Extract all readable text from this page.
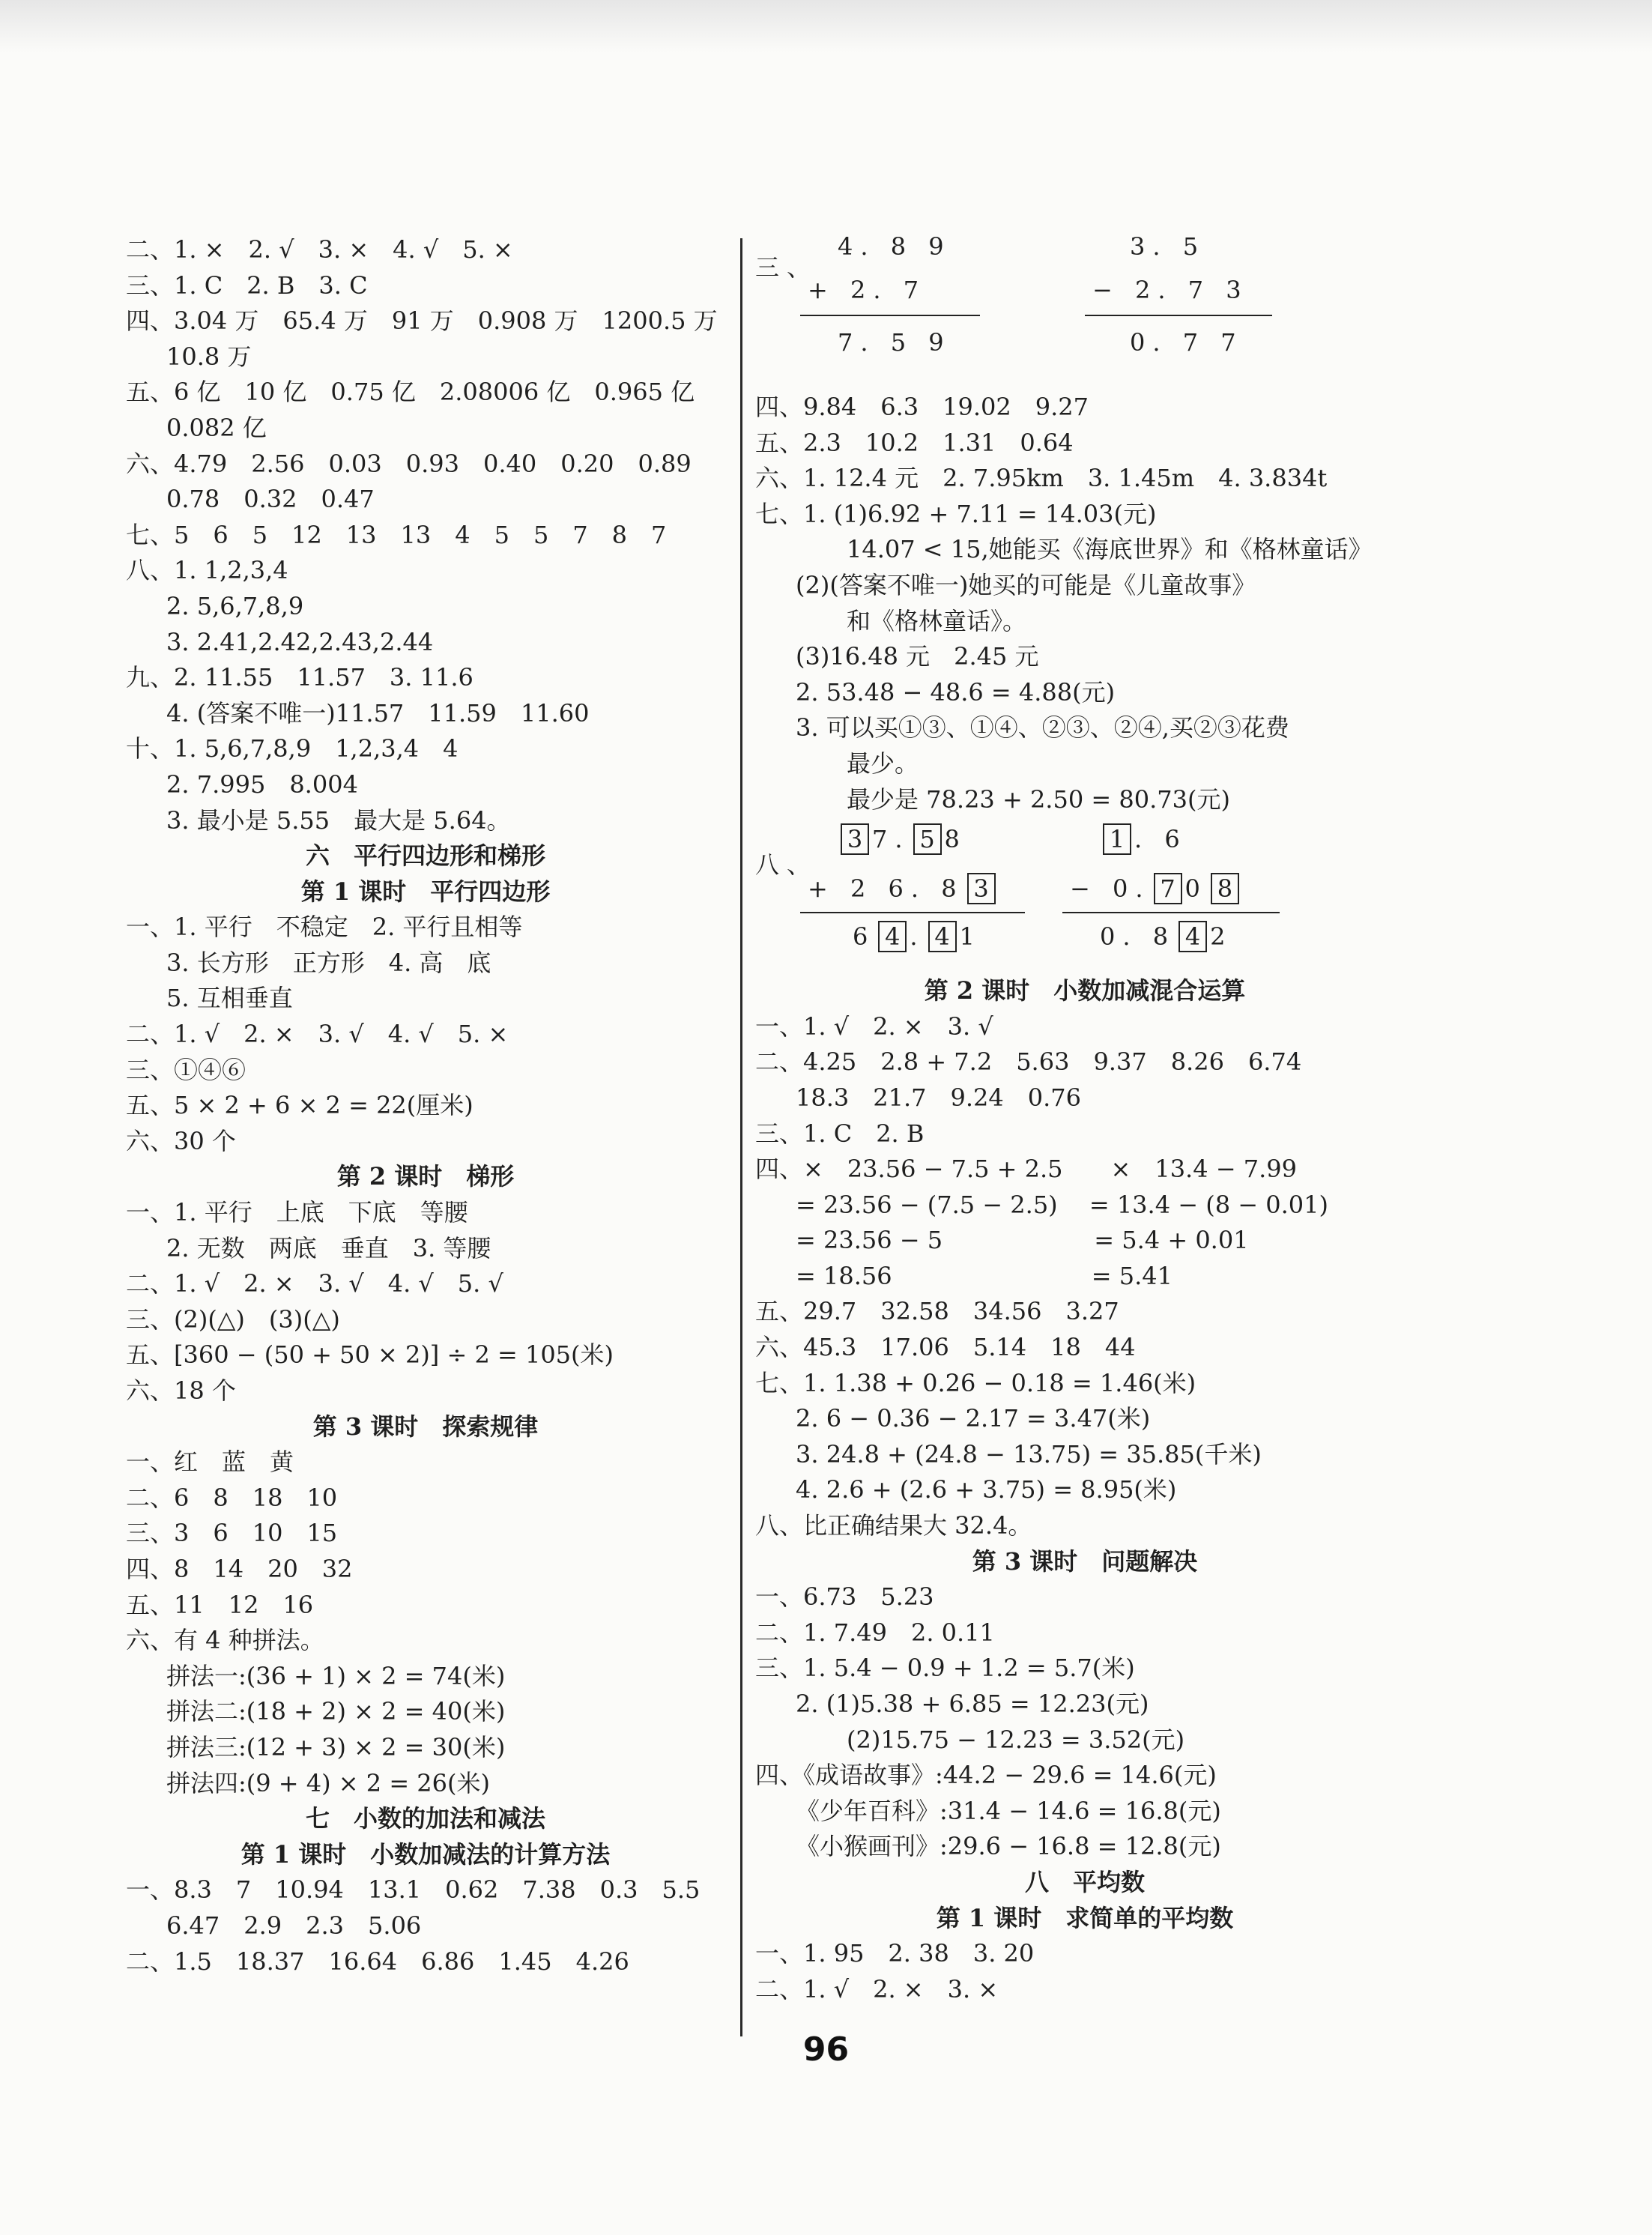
二、1. ×　2. √　3. ×　4. √　5. ×
三、1. C　2. B　3. C
四、3.04 万　65.4 万　91 万　0.908 万　1200.5 万
10.8 万
五、6 亿　10 亿　0.75 亿　2.08006 亿　0.965 亿
0.082 亿
六、4.79　2.56　0.03　0.93　0.40　0.20　0.89
0.78　0.32　0.47
七、5　6　5　12　13　13　4　5　5　7　8　7
八、1. 1,2,3,4
2. 5,6,7,8,9
3. 2.41,2.42,2.43,2.44
九、2. 11.55　11.57　3. 11.6
4. (答案不唯一)11.57　11.59　11.60
十、1. 5,6,7,8,9　1,2,3,4　4
2. 7.995　8.004
3. 最小是 5.55　最大是 5.64。
六　平行四边形和梯形
第 1 课时　平行四边形
一、1. 平行　不稳定　2. 平行且相等
3. 长方形　正方形　4. 高　底
5. 互相垂直
二、1. √　2. ×　3. √　4. √　5. ×
三、①④⑥
五、5 × 2 + 6 × 2 = 22(厘米)
六、30 个
第 2 课时　梯形
一、1. 平行　上底　下底　等腰
2. 无数　两底　垂直　3. 等腰
二、1. √　2. ×　3. √　4. √　5. √
三、(2)(△)　(3)(△)
五、[360 − (50 + 50 × 2)] ÷ 2 = 105(米)
六、18 个
第 3 课时　探索规律
一、红　蓝　黄
二、6　8　18　10
三、3　6　10　15
四、8　14　20　32
五、11　12　16
六、有 4 种拼法。
拼法一:(36 + 1) × 2 = 74(米)
拼法二:(18 + 2) × 2 = 40(米)
拼法三:(12 + 3) × 2 = 30(米)
拼法四:(9 + 4) × 2 = 26(米)
七　小数的加法和减法
第 1 课时　小数加减法的计算方法
一、8.3　7　10.94　13.1　0.62　7.38　0.3　5.5
6.47　2.9　2.3　5.06
二、1.5　18.37　16.64　6.86　1.45　4.26
三、
4. 8 9
+ 2. 7
7. 5 9
3. 5
− 2. 7 3
0. 7 7
四、9.84　6.3　19.02　9.27
五、2.3　10.2　1.31　0.64
六、1. 12.4 元　2. 7.95km　3. 1.45m　4. 3.834t
七、1. (1)6.92 + 7.11 = 14.03(元)
14.07 < 15,她能买《海底世界》和《格林童话》
(2)(答案不唯一)她买的可能是《儿童故事》
和《格林童话》。
(3)16.48 元　2.45 元
2. 53.48 − 48.6 = 4.88(元)
3. 可以买①③、①④、②③、②④,买②③花费
最少。
最少是 78.23 + 2.50 = 80.73(元)
八、
3 7. 5 8
+ 2 6. 8 3
6 4 . 4 1
1 . 6
− 0. 7 0 8
0. 8 4 2
第 2 课时　小数加减混合运算
一、1. √　2. ×　3. √
二、4.25　2.8 + 7.2　5.63　9.37　8.26　6.74
18.3　21.7　9.24　0.76
三、1. C　2. B
四、×　23.56 − 7.5 + 2.5　　×　13.4 − 7.99
= 23.56 − (7.5 − 2.5)　 = 13.4 − (8 − 0.01)
= 23.56 − 5　　　　　　 = 5.4 + 0.01
= 18.56　　　　　　　　 = 5.41
五、29.7　32.58　34.56　3.27
六、45.3　17.06　5.14　18　44
七、1. 1.38 + 0.26 − 0.18 = 1.46(米)
2. 6 − 0.36 − 2.17 = 3.47(米)
3. 24.8 + (24.8 − 13.75) = 35.85(千米)
4. 2.6 + (2.6 + 3.75) = 8.95(米)
八、比正确结果大 32.4。
第 3 课时　问题解决
一、6.73　5.23
二、1. 7.49　2. 0.11
三、1. 5.4 − 0.9 + 1.2 = 5.7(米)
2. (1)5.38 + 6.85 = 12.23(元)
(2)15.75 − 12.23 = 3.52(元)
四、《成语故事》:44.2 − 29.6 = 14.6(元)
《少年百科》:31.4 − 14.6 = 16.8(元)
《小猴画刊》:29.6 − 16.8 = 12.8(元)
八　平均数
第 1 课时　求简单的平均数
一、1. 95　2. 38　3. 20
二、1. √　2. ×　3. ×
96
